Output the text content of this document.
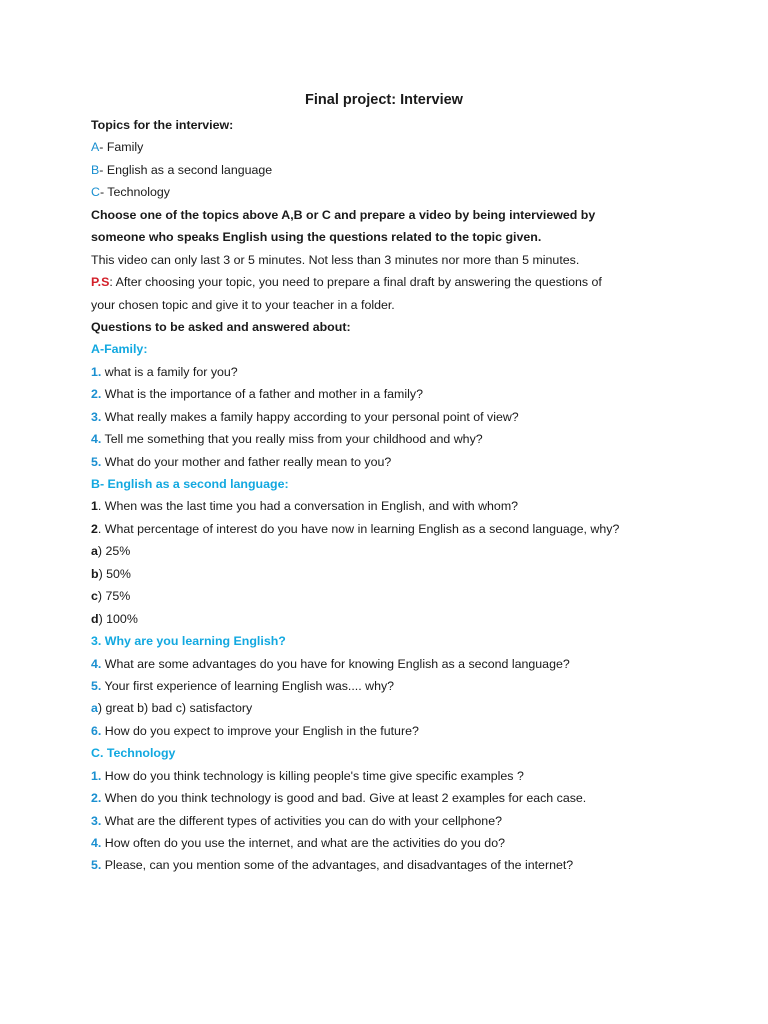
Final project: Interview
Topics for the interview:
A- Family
B- English as a second language
C- Technology
Choose one of the topics above A,B or C and prepare a video by being interviewed by
someone who speaks English using the questions related to the topic given.
This video can only last 3 or 5 minutes. Not less than 3 minutes nor more than 5 minutes.
P.S: After choosing your topic, you need to prepare a final draft by answering the questions of
your chosen topic and give it to your teacher in a folder.
Questions to be asked and answered about:
A-Family:
1. what is a family for you?
2. What is the importance of a father and mother in a family?
3. What really makes a family happy according to your personal point of view?
4. Tell me something that you really miss from your childhood and why?
5. What do your mother and father really mean to you?
B- English as a second language:
1. When was the last time you had a conversation in English, and with whom?
2. What percentage of interest do you have now in learning English as a second language, why?
a) 25%
b) 50%
c) 75%
d) 100%
3. Why are you learning English?
4. What are some advantages do you have for knowing English as a second language?
5. Your first experience of learning English was.... why?
a) great b) bad c) satisfactory
6. How do you expect to improve your English in the future?
C. Technology
1. How do you think technology is killing people's time give specific examples ?
2. When do you think technology is good and bad. Give at least 2 examples for each case.
3. What are the different types of activities you can do with your cellphone?
4. How often do you use the internet, and what are the activities do you do?
5. Please, can you mention some of the advantages, and disadvantages of the internet?
